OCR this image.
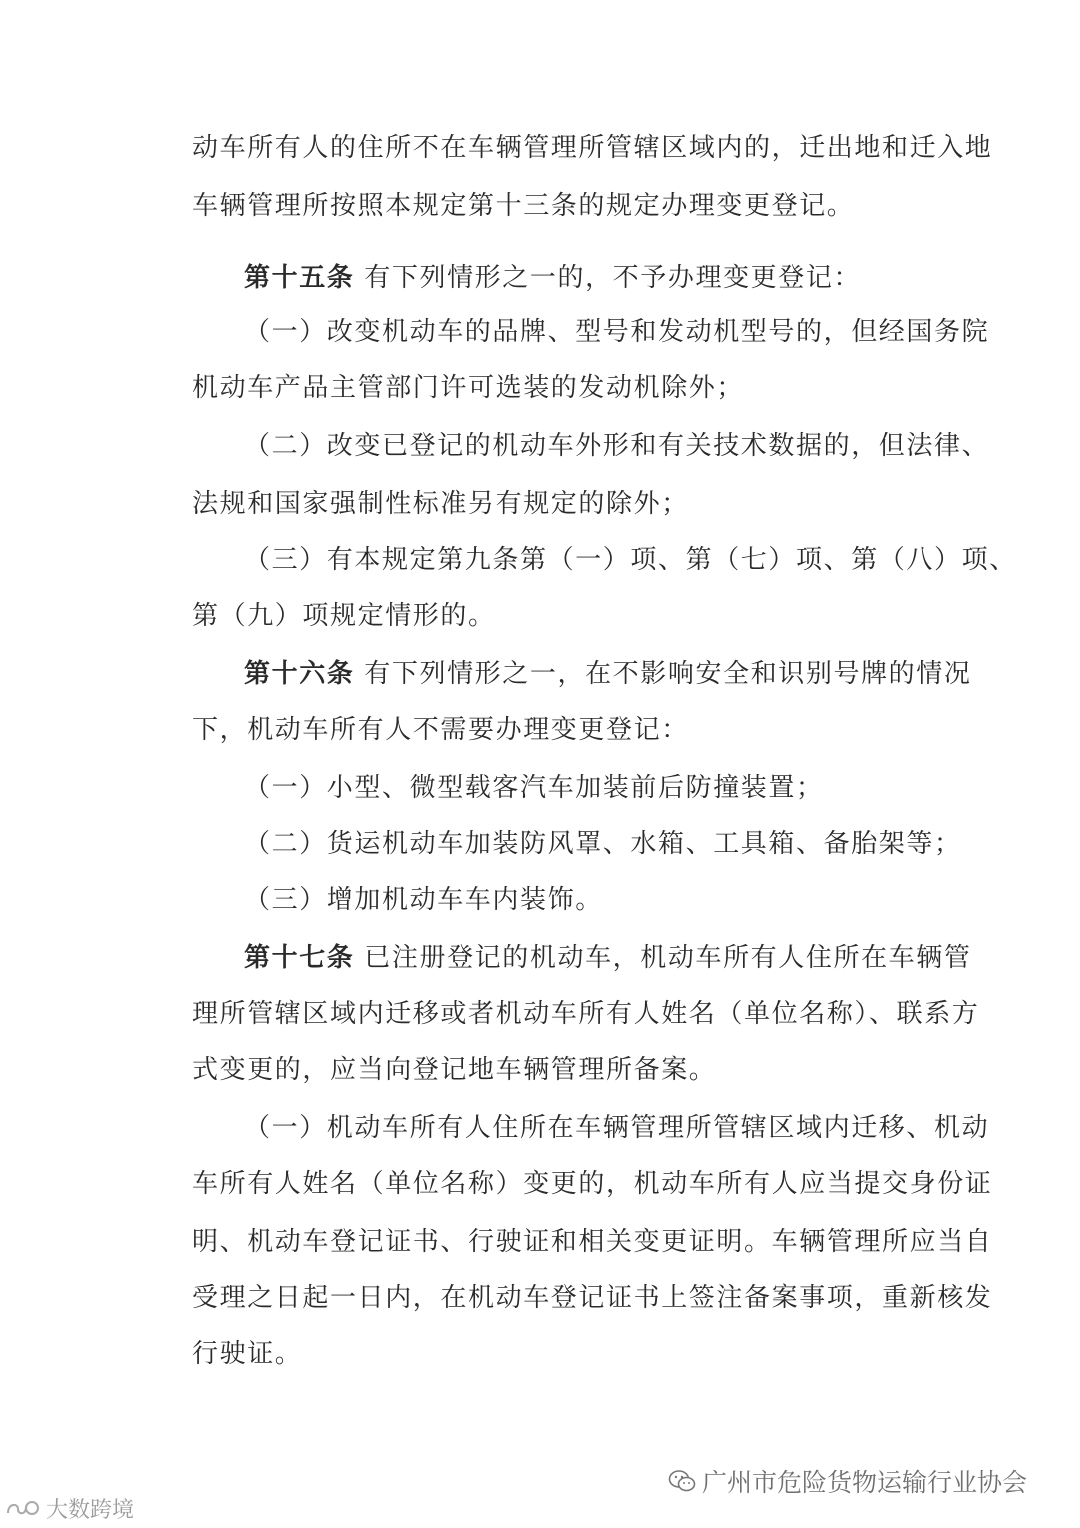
动车所有人的住所不在车辆管理所管辖区域内的，迁出地和迁入地
车辆管理所按照本规定第十三条的规定办理变更登记。
第十五条 有下列情形之一的，不予办理变更登记：
（一）改变机动车的品牌、型号和发动机型号的，但经国务院
机动车产品主管部门许可选装的发动机除外；
（二）改变已登记的机动车外形和有关技术数据的，但法律、
法规和国家强制性标准另有规定的除外；
（三）有本规定第九条第（一）项、第（七）项、第（八）项、
第（九）项规定情形的。
第十六条 有下列情形之一，在不影响安全和识别号牌的情况
下，机动车所有人不需要办理变更登记：
（一）小型、微型载客汽车加装前后防撞装置；
（二）货运机动车加装防风罩、水箱、工具箱、备胎架等；
（三）增加机动车车内装饰。
第十七条 已注册登记的机动车，机动车所有人住所在车辆管
理所管辖区域内迁移或者机动车所有人姓名（单位名称）、联系方
式变更的，应当向登记地车辆管理所备案。
（一）机动车所有人住所在车辆管理所管辖区域内迁移、机动
车所有人姓名（单位名称）变更的，机动车所有人应当提交身份证
明、机动车登记证书、行驶证和相关变更证明。车辆管理所应当自
受理之日起一日内，在机动车登记证书上签注备案事项，重新核发
行驶证。
广州市危险货物运输行业协会
大数跨境
